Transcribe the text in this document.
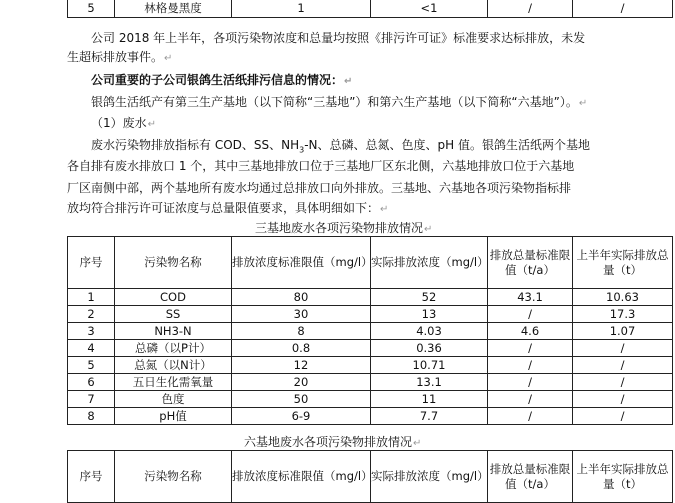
5	林格曼黑度	1	<1	/	/
公司 2018 年上半年，各项污染物浓度和总量均按照《排污许可证》标准要求达标排放，未发
生超标排放事件。↵
公司重要的子公司银鸽生活纸排污信息的情况：↵
银鸽生活纸产有第三生产基地（以下简称“三基地”）和第六生产基地（以下简称“六基地”）。↵
（1）废水↵
废水污染物排放指标有 COD、SS、$NH_3-N$、总磷、总氮、色度、pH 值。银鸽生活纸两个基地
各自排有废水排放口 1 个，其中三基地排放口位于三基地厂区东北侧，六基地排放口位于六基地
厂区南侧中部，两个基地所有废水均通过总排放口向外排放。三基地、六基地各项污染物指标排
放均符合排污许可证浓度与总量限值要求，具体明细如下：↵
三基地废水各项污染物排放情况↵
序号	污染物名称	排放浓度标准限值（mg/l）	实际排放浓度（mg/l）	排放总量标准限值（t/a）	上半年实际排放总量（t）
1	COD	80	52	43.1	10.63
2	SS	30	13	/	17.3
3	NH3-N	8	4.03	4.6	1.07
4	总磷（以P计）	0.8	0.36	/	/
5	总氮（以N计）	12	10.71	/	/
6	五日生化需氧量	20	13.1	/	/
7	色度	50	11	/	/
8	pH值	6-9	7.7	/	/
六基地废水各项污染物排放情况↵
序号	污染物名称	排放浓度标准限值（mg/l）	实际排放浓度（mg/l）	排放总量标准限值（t/a）	上半年实际排放总量（t）
